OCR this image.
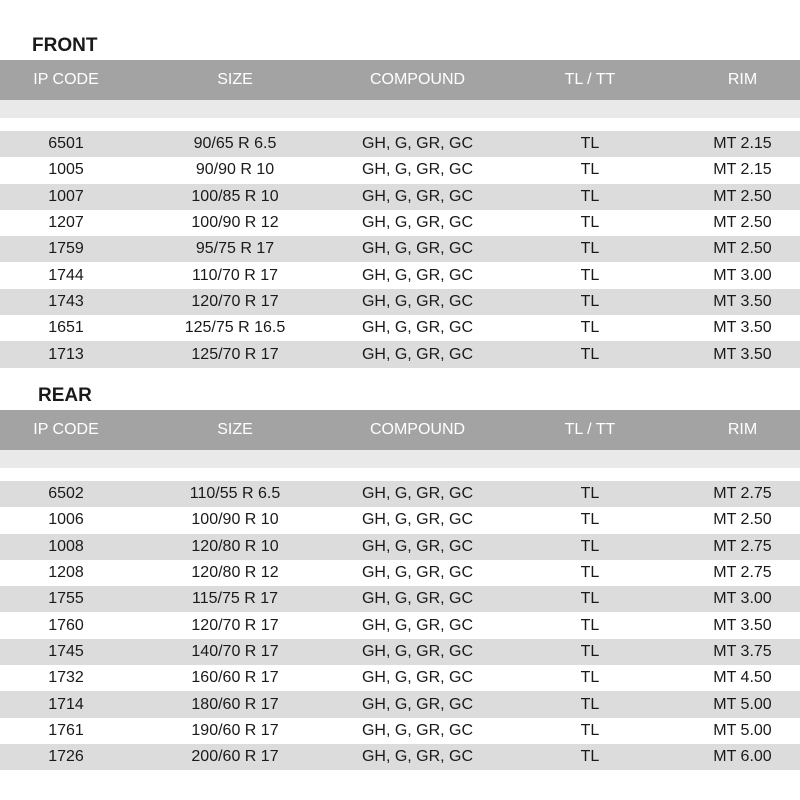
FRONT
IP CODE	SIZE	COMPOUND	TL / TT	RIM
6501	90/65 R 6.5	GH, G, GR, GC	TL	MT 2.15
1005	90/90 R 10	GH, G, GR, GC	TL	MT 2.15
1007	100/85 R 10	GH, G, GR, GC	TL	MT 2.50
1207	100/90 R 12	GH, G, GR, GC	TL	MT 2.50
1759	95/75 R 17	GH, G, GR, GC	TL	MT 2.50
1744	110/70 R 17	GH, G, GR, GC	TL	MT 3.00
1743	120/70 R 17	GH, G, GR, GC	TL	MT 3.50
1651	125/75 R 16.5	GH, G, GR, GC	TL	MT 3.50
1713	125/70 R 17	GH, G, GR, GC	TL	MT 3.50
REAR
IP CODE	SIZE	COMPOUND	TL / TT	RIM
6502	110/55 R 6.5	GH, G, GR, GC	TL	MT 2.75
1006	100/90 R 10	GH, G, GR, GC	TL	MT 2.50
1008	120/80 R 10	GH, G, GR, GC	TL	MT 2.75
1208	120/80 R 12	GH, G, GR, GC	TL	MT 2.75
1755	115/75 R 17	GH, G, GR, GC	TL	MT 3.00
1760	120/70 R 17	GH, G, GR, GC	TL	MT 3.50
1745	140/70 R 17	GH, G, GR, GC	TL	MT 3.75
1732	160/60 R 17	GH, G, GR, GC	TL	MT 4.50
1714	180/60 R 17	GH, G, GR, GC	TL	MT 5.00
1761	190/60 R 17	GH, G, GR, GC	TL	MT 5.00
1726	200/60 R 17	GH, G, GR, GC	TL	MT 6.00
